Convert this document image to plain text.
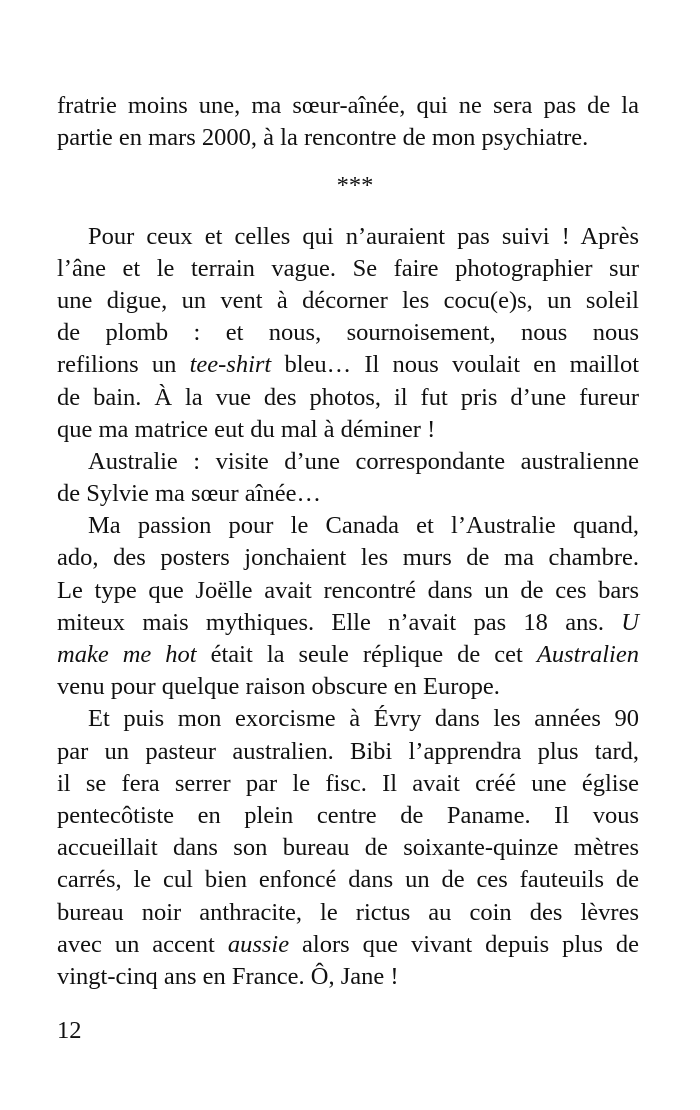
fratrie moins une, ma sœur-aînée, qui ne sera pas de la
partie en mars 2000, à la rencontre de mon psychiatre.
***
Pour ceux et celles qui n’auraient pas suivi ! Après
l’âne et le terrain vague. Se faire photographier sur
une digue, un vent à décorner les cocu(e)s, un soleil
de plomb : et nous, sournoisement, nous nous
refilions un tee-shirt bleu… Il nous voulait en maillot
de bain. À la vue des photos, il fut pris d’une fureur
que ma matrice eut du mal à déminer !
Australie : visite d’une correspondante australienne
de Sylvie ma sœur aînée…
Ma passion pour le Canada et l’Australie quand,
ado, des posters jonchaient les murs de ma chambre.
Le type que Joëlle avait rencontré dans un de ces bars
miteux mais mythiques. Elle n’avait pas 18 ans. U
make me hot était la seule réplique de cet Australien
venu pour quelque raison obscure en Europe.
Et puis mon exorcisme à Évry dans les années 90
par un pasteur australien. Bibi l’apprendra plus tard,
il se fera serrer par le fisc. Il avait créé une église
pentecôtiste en plein centre de Paname. Il vous
accueillait dans son bureau de soixante-quinze mètres
carrés, le cul bien enfoncé dans un de ces fauteuils de
bureau noir anthracite, le rictus au coin des lèvres
avec un accent aussie alors que vivant depuis plus de
vingt-cinq ans en France. Ô, Jane !
12
